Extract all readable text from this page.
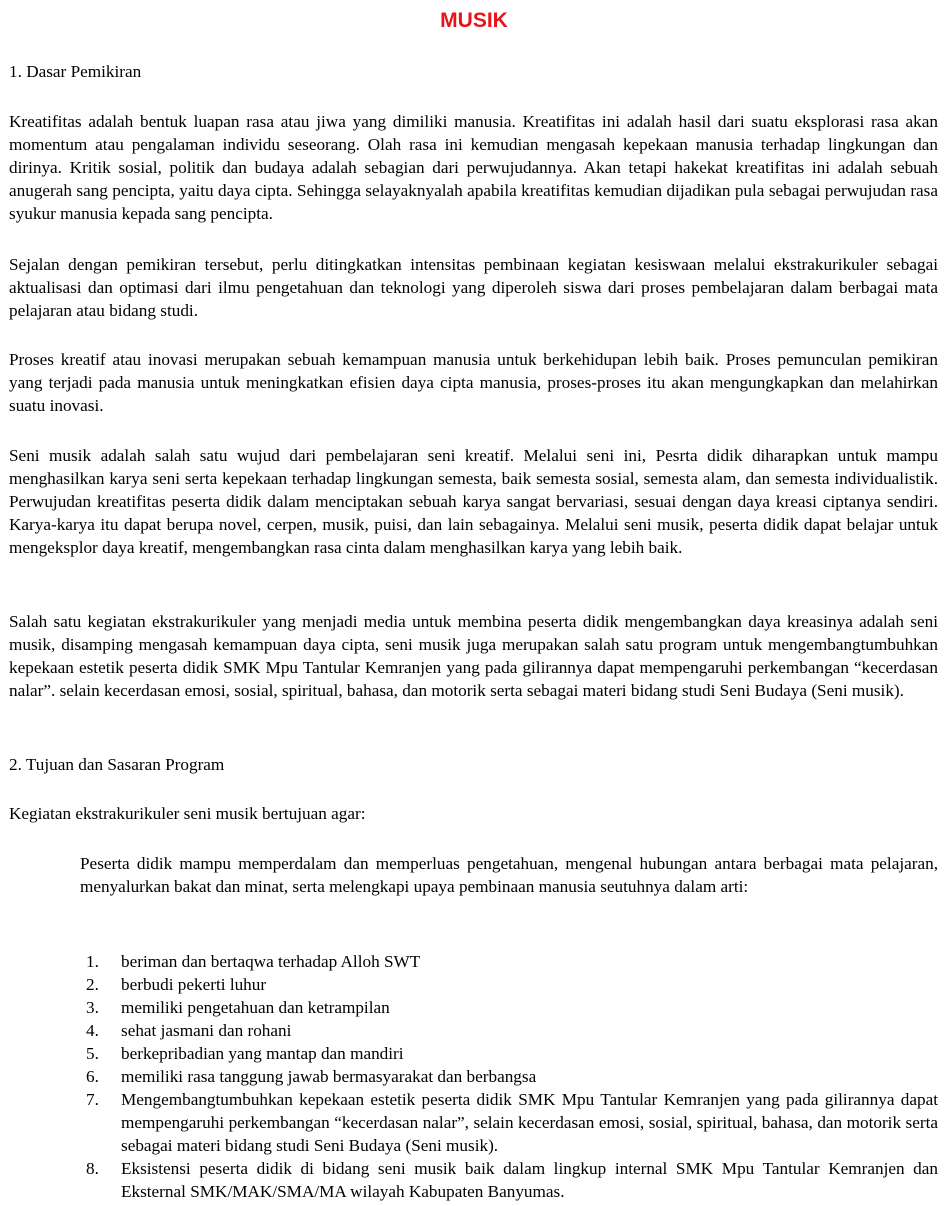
MUSIK
1. Dasar Pemikiran
Kreatifitas adalah bentuk luapan rasa atau jiwa yang dimiliki manusia. Kreatifitas ini adalah hasil dari suatu eksplorasi rasa akan momentum atau pengalaman individu seseorang. Olah rasa ini kemudian mengasah kepekaan manusia terhadap lingkungan dan dirinya. Kritik sosial, politik dan budaya adalah sebagian dari perwujudannya. Akan tetapi hakekat kreatifitas ini adalah sebuah anugerah sang pencipta, yaitu daya cipta. Sehingga selayaknyalah apabila kreatifitas kemudian dijadikan pula sebagai perwujudan rasa syukur manusia kepada sang pencipta.
Sejalan dengan pemikiran tersebut, perlu ditingkatkan intensitas pembinaan kegiatan kesiswaan melalui ekstrakurikuler sebagai aktualisasi dan optimasi dari ilmu pengetahuan dan teknologi yang diperoleh siswa dari proses pembelajaran dalam berbagai mata pelajaran atau bidang studi.
Proses kreatif atau inovasi merupakan sebuah kemampuan manusia untuk berkehidupan lebih baik. Proses pemunculan pemikiran yang terjadi pada manusia untuk meningkatkan efisien daya cipta manusia, proses-proses itu akan mengungkapkan dan melahirkan suatu inovasi.
Seni musik adalah salah satu wujud dari pembelajaran seni kreatif. Melalui seni ini, Pesrta didik diharapkan untuk mampu menghasilkan karya seni serta kepekaan terhadap lingkungan semesta, baik semesta sosial, semesta alam, dan semesta individualistik. Perwujudan kreatifitas peserta didik dalam menciptakan sebuah karya sangat bervariasi, sesuai dengan daya kreasi ciptanya sendiri. Karya-karya itu dapat berupa novel, cerpen, musik, puisi, dan lain sebagainya. Melalui seni musik, peserta didik dapat belajar untuk mengeksplor daya kreatif, mengembangkan rasa cinta dalam menghasilkan karya yang lebih baik.
Salah satu kegiatan ekstrakurikuler yang menjadi media untuk membina peserta didik mengembangkan daya kreasinya adalah seni musik, disamping mengasah kemampuan daya cipta, seni musik juga merupakan salah satu program untuk mengembangtumbuhkan kepekaan estetik peserta didik SMK Mpu Tantular Kemranjen yang pada gilirannya dapat mempengaruhi perkembangan “kecerdasan nalar”. selain kecerdasan emosi, sosial, spiritual, bahasa, dan motorik serta sebagai materi bidang studi Seni Budaya (Seni musik).
2. Tujuan dan Sasaran Program
Kegiatan ekstrakurikuler seni musik bertujuan agar:
Peserta didik mampu memperdalam dan memperluas pengetahuan, mengenal hubungan antara berbagai mata pelajaran, menyalurkan bakat dan minat, serta melengkapi upaya pembinaan manusia seutuhnya dalam arti:
1. beriman dan bertaqwa terhadap Alloh SWT
2. berbudi pekerti luhur
3. memiliki pengetahuan dan ketrampilan
4. sehat jasmani dan rohani
5. berkepribadian yang mantap dan mandiri
6. memiliki rasa tanggung jawab bermasyarakat dan berbangsa
7. Mengembangtumbuhkan kepekaan estetik peserta didik SMK Mpu Tantular Kemranjen yang pada gilirannya dapat mempengaruhi perkembangan “kecerdasan nalar”, selain kecerdasan emosi, sosial, spiritual, bahasa, dan motorik serta sebagai materi bidang studi Seni Budaya (Seni musik).
8. Eksistensi peserta didik di bidang seni musik baik dalam lingkup internal SMK Mpu Tantular Kemranjen dan Eksternal SMK/MAK/SMA/MA wilayah Kabupaten Banyumas.
